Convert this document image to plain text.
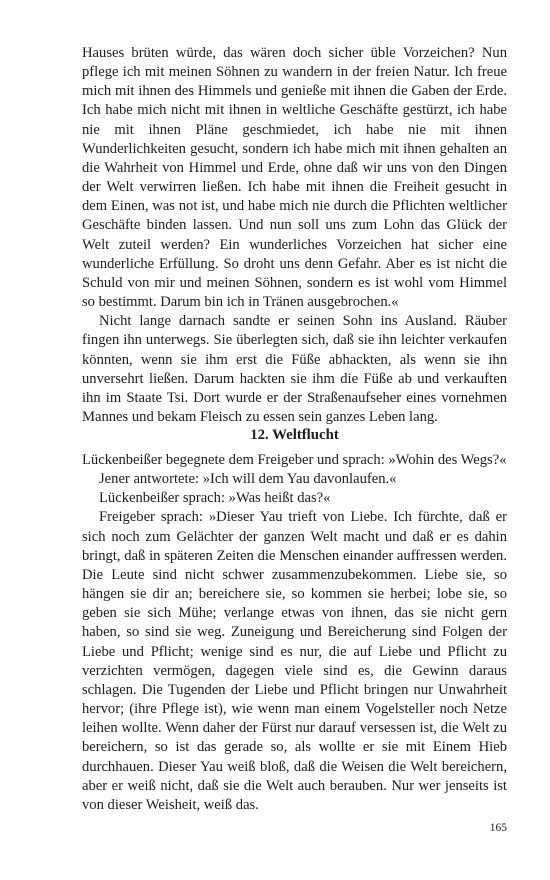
Hauses brüten würde, das wären doch sicher üble Vorzeichen? Nun pflege ich mit meinen Söhnen zu wandern in der freien Natur. Ich freue mich mit ihnen des Himmels und genieße mit ihnen die Gaben der Erde. Ich habe mich nicht mit ihnen in weltliche Geschäfte gestürzt, ich habe nie mit ihnen Pläne geschmiedet, ich habe nie mit ihnen Wunderlichkeiten gesucht, sondern ich habe mich mit ihnen gehalten an die Wahrheit von Himmel und Erde, ohne daß wir uns von den Dingen der Welt verwirren ließen. Ich habe mit ihnen die Freiheit gesucht in dem Einen, was not ist, und habe mich nie durch die Pflichten weltlicher Geschäfte binden lassen. Und nun soll uns zum Lohn das Glück der Welt zuteil werden? Ein wunderliches Vorzeichen hat sicher eine wunderliche Erfüllung. So droht uns denn Gefahr. Aber es ist nicht die Schuld von mir und meinen Söhnen, sondern es ist wohl vom Himmel so bestimmt. Darum bin ich in Tränen ausgebrochen.«

Nicht lange darnach sandte er seinen Sohn ins Ausland. Räuber fingen ihn unterwegs. Sie überlegten sich, daß sie ihn leichter verkaufen könnten, wenn sie ihm erst die Füße abhackten, als wenn sie ihn unversehrt ließen. Darum hackten sie ihm die Füße ab und verkauften ihn im Staate Tsi. Dort wurde er der Straßenaufseher eines vornehmen Mannes und bekam Fleisch zu essen sein ganzes Leben lang.

12. Weltflucht

Lückenbeißer begegnete dem Freigeber und sprach: »Wohin des Wegs?«

Jener antwortete: »Ich will dem Yau davonlaufen.«

Lückenbeißer sprach: »Was heißt das?«

Freigeber sprach: »Dieser Yau trieft von Liebe. Ich fürchte, daß er sich noch zum Gelächter der ganzen Welt macht und daß er es dahin bringt, daß in späteren Zeiten die Menschen einander auffressen werden. Die Leute sind nicht schwer zusammenzubekommen. Liebe sie, so hängen sie dir an; bereichere sie, so kommen sie herbei; lobe sie, so geben sie sich Mühe; verlange etwas von ihnen, das sie nicht gern haben, so sind sie weg. Zuneigung und Bereicherung sind Folgen der Liebe und Pflicht; wenige sind es nur, die auf Liebe und Pflicht zu verzichten vermögen, dagegen viele sind es, die Gewinn daraus schlagen. Die Tugenden der Liebe und Pflicht bringen nur Unwahrheit hervor; (ihre Pflege ist), wie wenn man einem Vogelsteller noch Netze leihen wollte. Wenn daher der Fürst nur darauf versessen ist, die Welt zu bereichern, so ist das gerade so, als wollte er sie mit Einem Hieb durchhauen. Dieser Yau weiß bloß, daß die Weisen die Welt bereichern, aber er weiß nicht, daß sie die Welt auch berauben. Nur wer jenseits ist von dieser Weisheit, weiß das.

165
